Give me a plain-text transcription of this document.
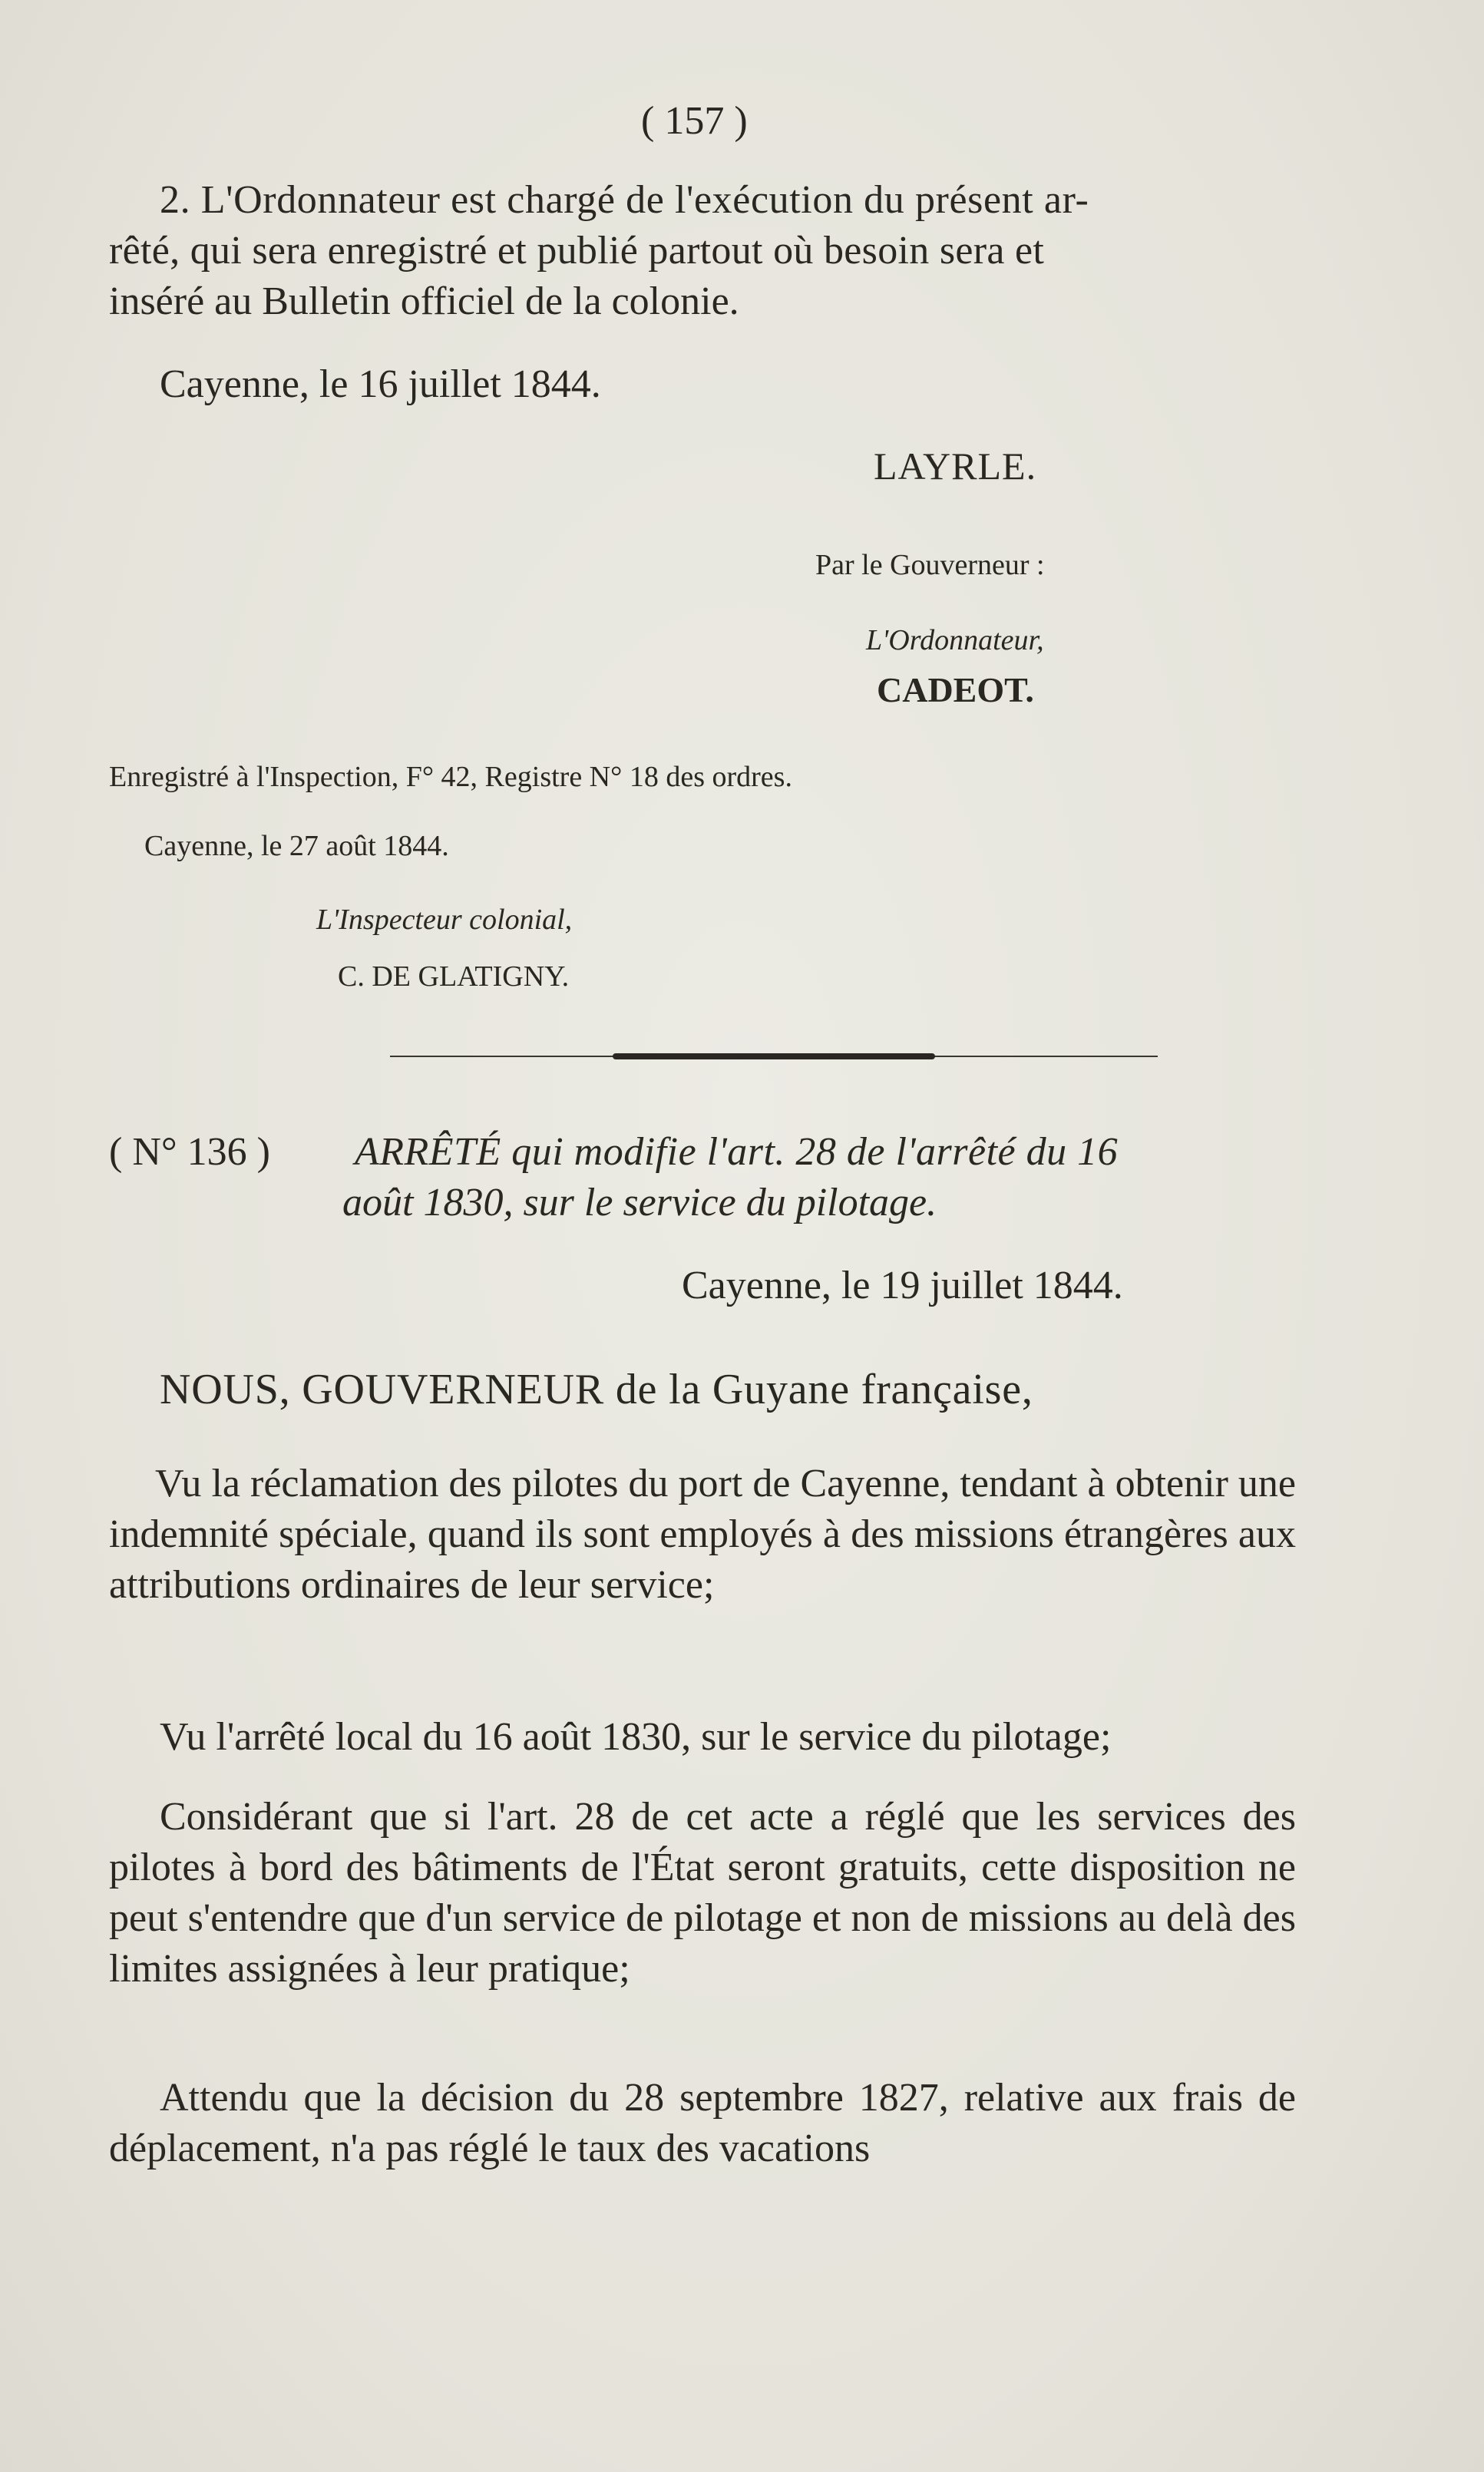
( 157 )
2. L'Ordonnateur est chargé de l'exécution du présent ar-
rêté, qui sera enregistré et publié partout où besoin sera et
inséré au Bulletin officiel de la colonie.
Cayenne, le 16 juillet 1844.
LAYRLE.
Par le Gouverneur :
L'Ordonnateur,
CADEOT.
Enregistré à l'Inspection, F° 42, Registre N° 18 des ordres.
Cayenne, le 27 août 1844.
L'Inspecteur colonial,
C. DE GLATIGNY.
( N° 136 ) ARRÊTÉ qui modifie l'art. 28 de l'arrêté du 16
août 1830, sur le service du pilotage.
Cayenne, le 19 juillet 1844.
NOUS, GOUVERNEUR de la Guyane française,
Vu la réclamation des pilotes du port de Cayenne, tendant à obtenir une indemnité spéciale, quand ils sont employés à des missions étrangères aux attributions ordinaires de leur service;
Vu l'arrêté local du 16 août 1830, sur le service du pilotage;
Considérant que si l'art. 28 de cet acte a réglé que les services des pilotes à bord des bâtiments de l'État seront gratuits, cette disposition ne peut s'entendre que d'un service de pilotage et non de missions au delà des limites assignées à leur pratique;
Attendu que la décision du 28 septembre 1827, relative aux frais de déplacement, n'a pas réglé le taux des vacations
